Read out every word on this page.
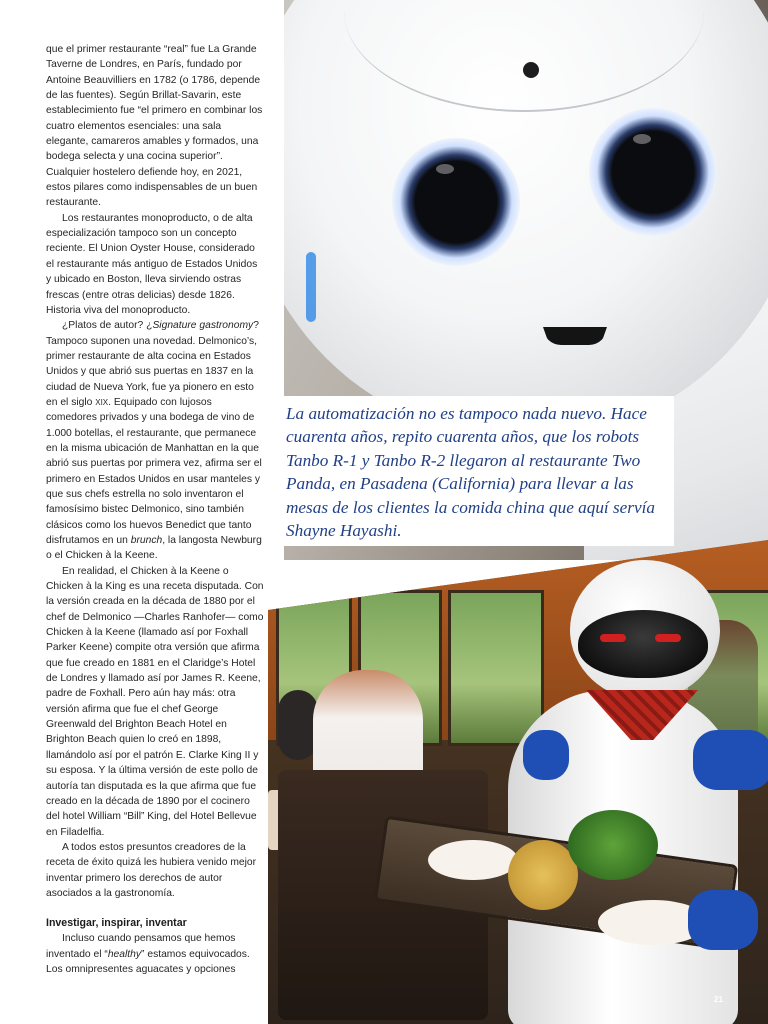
La automatización no es tampoco nada nuevo. Hace cuarenta años, repito cuarenta años, que los robots Tanbo R-1 y Tanbo R-2 llegaron al restaurante Two Panda, en Pasadena (California) para llevar a las mesas de los clientes la comida china que aquí servía Shayne Hayashi.

que el primer restaurante “real” fue La Grande Taverne de Londres, en París, fundado por Antoine Beauvilliers en 1782 (o 1786, depende de las fuentes). Según Brillat-Savarin, este establecimiento fue “el primero en combinar los cuatro elementos esenciales: una sala elegante, camareros amables y formados, una bodega selecta y una cocina superior”. Cualquier hostelero defiende hoy, en 2021, estos pilares como indispensables de un buen restaurante.

Los restaurantes monoproducto, o de alta especialización tampoco son un concepto reciente. El Union Oyster House, considerado el restaurante más antiguo de Estados Unidos y ubicado en Boston, lleva sirviendo ostras frescas (entre otras delicias) desde 1826. Historia viva del monoproducto.

¿Platos de autor? ¿Signature gastronomy? Tampoco suponen una novedad. Delmonico’s, primer restaurante de alta cocina en Estados Unidos y que abrió sus puertas en 1837 en la ciudad de Nueva York, fue ya pionero en esto en el siglo xix. Equipado con lujosos comedores privados y una bodega de vino de 1.000 botellas, el restaurante, que permanece en la misma ubicación de Manhattan en la que abrió sus puertas por primera vez, afirma ser el primero en Estados Unidos en usar manteles y que sus chefs estrella no solo inventaron el famosísimo bistec Delmonico, sino también clásicos como los huevos Benedict que tanto disfrutamos en un brunch, la langosta Newburg o el Chicken à la Keene.

En realidad, el Chicken à la Keene o Chicken à la King es una receta disputada. Con la versión creada en la década de 1880 por el chef de Delmonico —Charles Ranhofer— como Chicken à la Keene (llamado así por Foxhall Parker Keene) compite otra versión que afirma que fue creado en 1881 en el Claridge’s Hotel de Londres y llamado así por James R. Keene, padre de Foxhall. Pero aún hay más: otra versión afirma que fue el chef George Greenwald del Brighton Beach Hotel en Brighton Beach quien lo creó en 1898, llamándolo así por el patrón E. Clarke King II y su esposa. Y la última versión de este pollo de autoría tan disputada es la que afirma que fue creado en la década de 1890 por el cocinero del hotel William “Bill” King, del Hotel Bellevue en Filadelfia.

A todos estos presuntos creadores de la receta de éxito quizá les hubiera venido mejor inventar primero los derechos de autor asociados a la gastronomía.

Investigar, inspirar, inventar

Incluso cuando pensamos que hemos inventado el “healthy” estamos equivocados. Los omnipresentes aguacates y opciones

21
